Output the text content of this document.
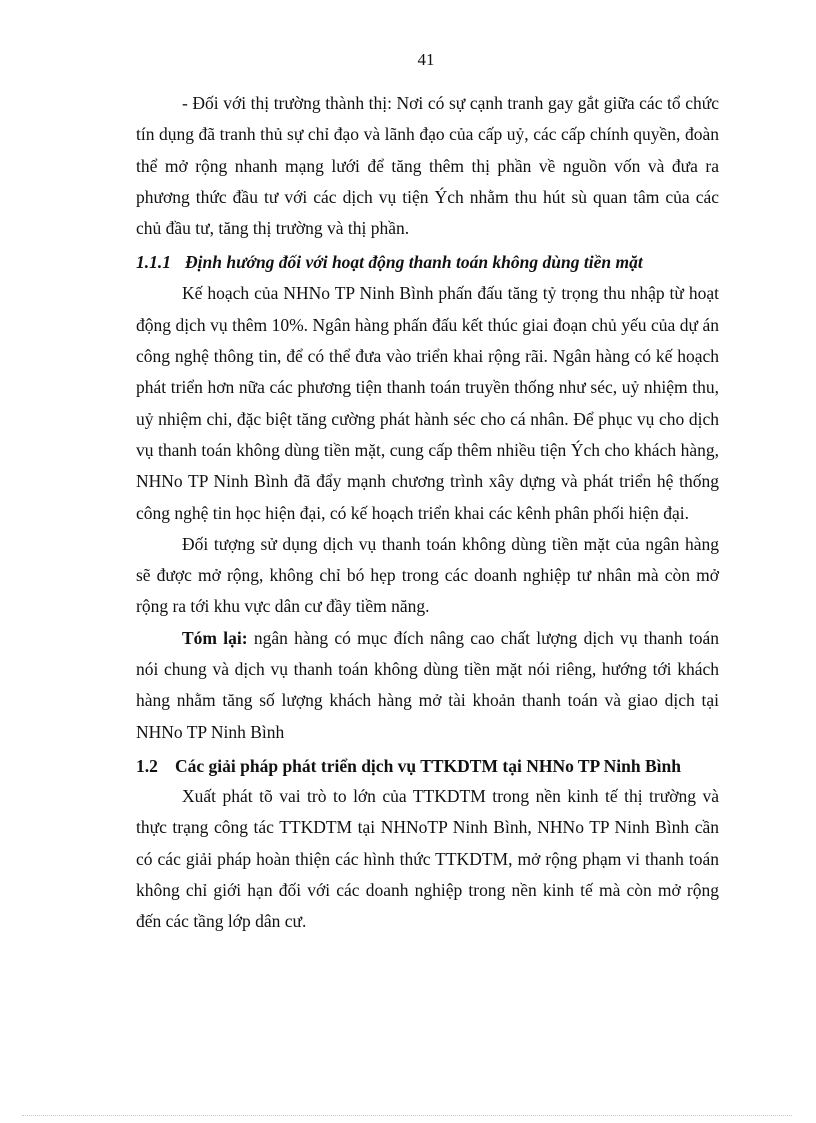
41

- Đối với thị trường thành thị: Nơi có sự cạnh tranh gay gắt giữa các tổ chức tín dụng đã tranh thủ sự chỉ đạo và lãnh đạo của cấp uỷ, các cấp chính quyền, đoàn thể mở rộng nhanh mạng lưới để tăng thêm thị phần về nguồn vốn và đưa ra phương thức đầu tư với các dịch vụ tiện Ých nhằm thu hút sù quan tâm của các chủ đầu tư, tăng thị trường và thị phần.

1.1.1 Định hướng đối với hoạt động thanh toán không dùng tiền mặt

Kế hoạch của NHNo TP Ninh Bình phấn đấu tăng tỷ trọng thu nhập từ hoạt động dịch vụ thêm 10%. Ngân hàng phấn đấu kết thúc giai đoạn chủ yếu của dự án công nghệ thông tin, để có thể đưa vào triển khai rộng rãi. Ngân hàng có kế hoạch phát triển hơn nữa các phương tiện thanh toán truyền thống như séc, uỷ nhiệm thu, uỷ nhiệm chi, đặc biệt tăng cường phát hành séc cho cá nhân. Để phục vụ cho dịch vụ thanh toán không dùng tiền mặt, cung cấp thêm nhiều tiện Ých cho khách hàng, NHNo TP Ninh Bình đã đẩy mạnh chương trình xây dựng và phát triển hệ thống công nghệ tin học hiện đại, có kế hoạch triển khai các kênh phân phối hiện đại.

Đối tượng sử dụng dịch vụ thanh toán không dùng tiền mặt của ngân hàng sẽ được mở rộng, không chỉ bó hẹp trong các doanh nghiệp tư nhân mà còn mở rộng ra tới khu vực dân cư đầy tiềm năng.

Tóm lại: ngân hàng có mục đích nâng cao chất lượng dịch vụ thanh toán nói chung và dịch vụ thanh toán không dùng tiền mặt nói riêng, hướng tới khách hàng nhằm tăng số lượng khách hàng mở tài khoản thanh toán và giao dịch tại NHNo TP Ninh Bình

1.2 Các giải pháp phát triển dịch vụ TTKDTM tại NHNo TP Ninh Bình

Xuất phát tõ vai trò to lớn của TTKDTM trong nền kinh tế thị trường và thực trạng công tác TTKDTM tại NHNoTP Ninh Bình, NHNo TP Ninh Bình cần có các giải pháp hoàn thiện các hình thức TTKDTM, mở rộng phạm vi thanh toán không chỉ giới hạn đối với các doanh nghiệp trong nền kinh tế mà còn mở rộng đến các tầng lớp dân cư.
